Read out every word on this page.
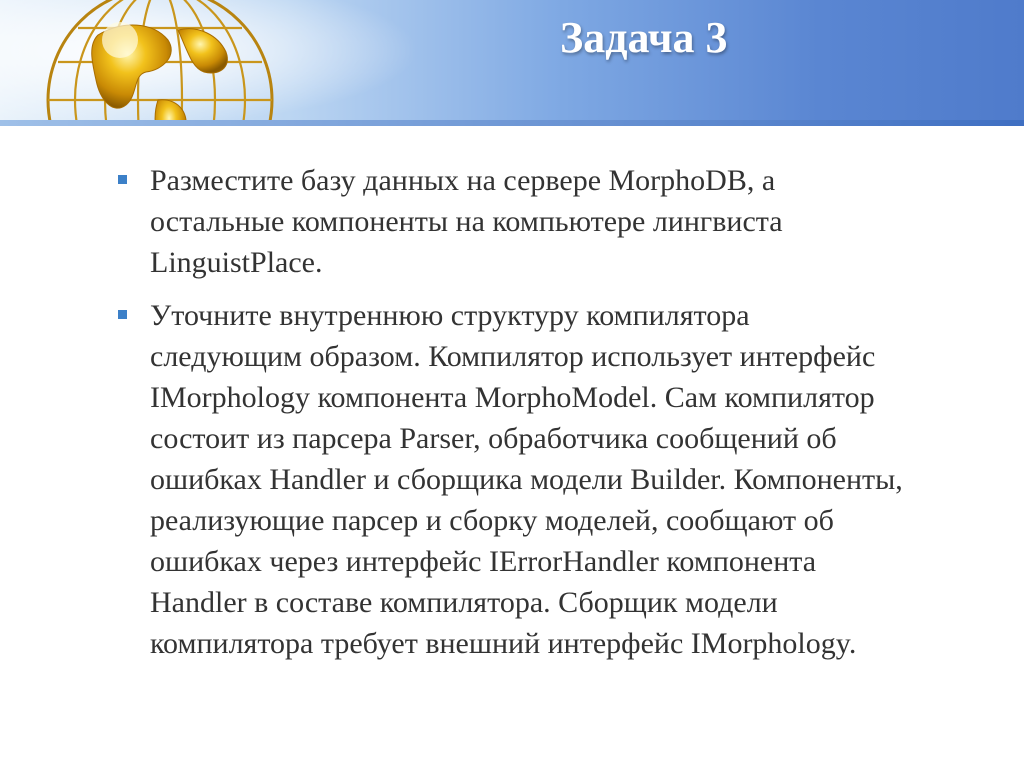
Задача 3
Разместите базу данных на сервере MorphoDB, а остальные компоненты на компьютере лингвиста LinguistPlace.
Уточните внутреннюю структуру компилятора следующим образом. Компилятор использует интерфейс IMorphology компонента MorphoModel. Сам компилятор состоит из парсера Parser, обработчика сообщений об ошибках Handler и сборщика модели Builder. Компоненты, реализующие парсер и сборку моделей, сообщают об ошибках через интерфейс IErrorHandler компонента Handler в составе компилятора. Сборщик модели компилятора требует внешний интерфейс IMorphology.
